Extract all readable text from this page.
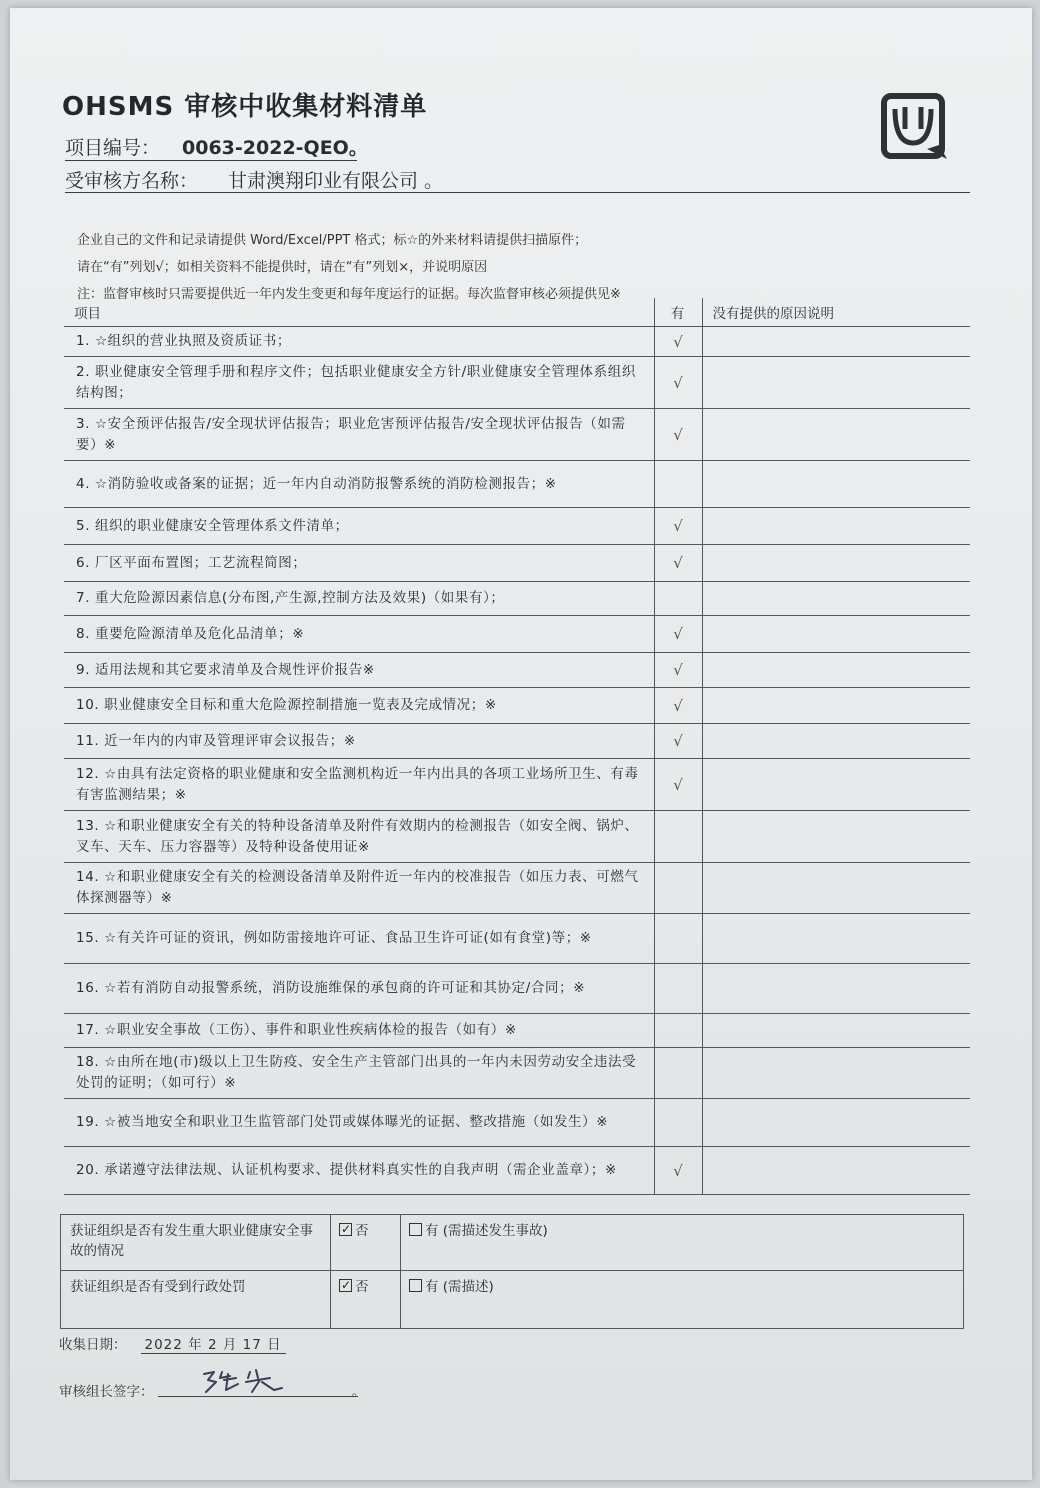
OHSMS 审核中收集材料清单
项目编号： 0063-2022-QEO。
受审核方名称： 甘肃澳翔印业有限公司 。
企业自己的文件和记录请提供 Word/Excel/PPT 格式；标☆的外来材料请提供扫描原件；
请在“有”列划√；如相关资料不能提供时，请在“有”列划×，并说明原因
注：监督审核时只需要提供近一年内发生变更和每年度运行的证据。每次监督审核必须提供见※
项目	有	没有提供的原因说明
1. ☆组织的营业执照及资质证书；	√	
2. 职业健康安全管理手册和程序文件；包括职业健康安全方针/职业健康安全管理体系组织结构图；	√	
3. ☆安全预评估报告/安全现状评估报告；职业危害预评估报告/安全现状评估报告（如需要）※	√	
4. ☆消防验收或备案的证据；近一年内自动消防报警系统的消防检测报告；※		
5. 组织的职业健康安全管理体系文件清单；	√	
6. 厂区平面布置图；工艺流程简图；	√	
7. 重大危险源因素信息(分布图,产生源,控制方法及效果)（如果有）；		
8. 重要危险源清单及危化品清单；※	√	
9. 适用法规和其它要求清单及合规性评价报告※	√	
10. 职业健康安全目标和重大危险源控制措施一览表及完成情况；※	√	
11. 近一年内的内审及管理评审会议报告；※	√	
12. ☆由具有法定资格的职业健康和安全监测机构近一年内出具的各项工业场所卫生、有毒有害监测结果；※	√	
13. ☆和职业健康安全有关的特种设备清单及附件有效期内的检测报告（如安全阀、锅炉、叉车、天车、压力容器等）及特种设备使用证※		
14. ☆和职业健康安全有关的检测设备清单及附件近一年内的校准报告（如压力表、可燃气体探测器等）※		
15. ☆有关许可证的资讯，例如防雷接地许可证、食品卫生许可证(如有食堂)等；※		
16. ☆若有消防自动报警系统，消防设施维保的承包商的许可证和其协定/合同；※		
17. ☆职业安全事故（工伤）、事件和职业性疾病体检的报告（如有）※		
18. ☆由所在地(市)级以上卫生防疫、安全生产主管部门出具的一年内未因劳动安全违法受处罚的证明；（如可行）※		
19. ☆被当地安全和职业卫生监管部门处罚或媒体曝光的证据、整改措施（如发生）※		
20. 承诺遵守法律法规、认证机构要求、提供材料真实性的自我声明（需企业盖章）；※	√	
获证组织是否有发生重大职业健康安全事故的情况	✓否	有 (需描述发生事故)
获证组织是否有受到行政处罚	✓否	有 (需描述)
收集日期： 2022 年 2 月 17 日
审核组长签字：	。
